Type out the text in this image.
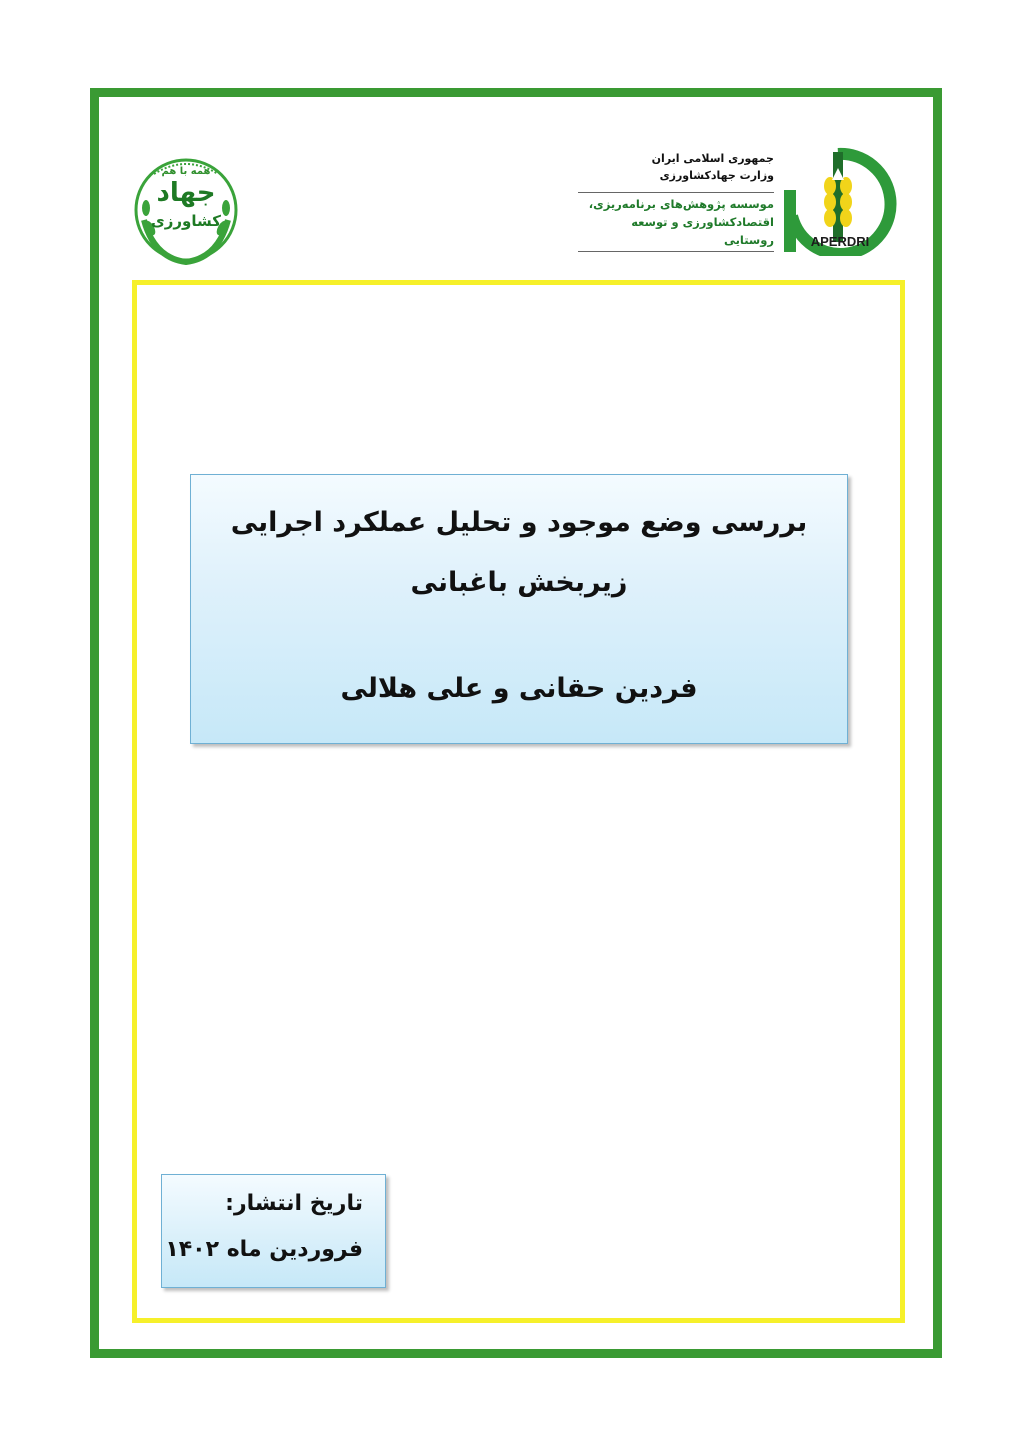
APERDRI
جمهوری اسلامی ایران
وزارت جهادکشاورزی
موسسه پژوهش‌های برنامه‌ریزی،
اقتصادکشاورزی و توسعه روستایی
همه با هم
جهاد
کشاورزی
بررسی وضع موجود و تحلیل عملکرد اجرایی
زیربخش باغبانی
فردین حقانی و علی هلالی
تاریخ انتشار:
فروردین ماه ۱۴۰۲
